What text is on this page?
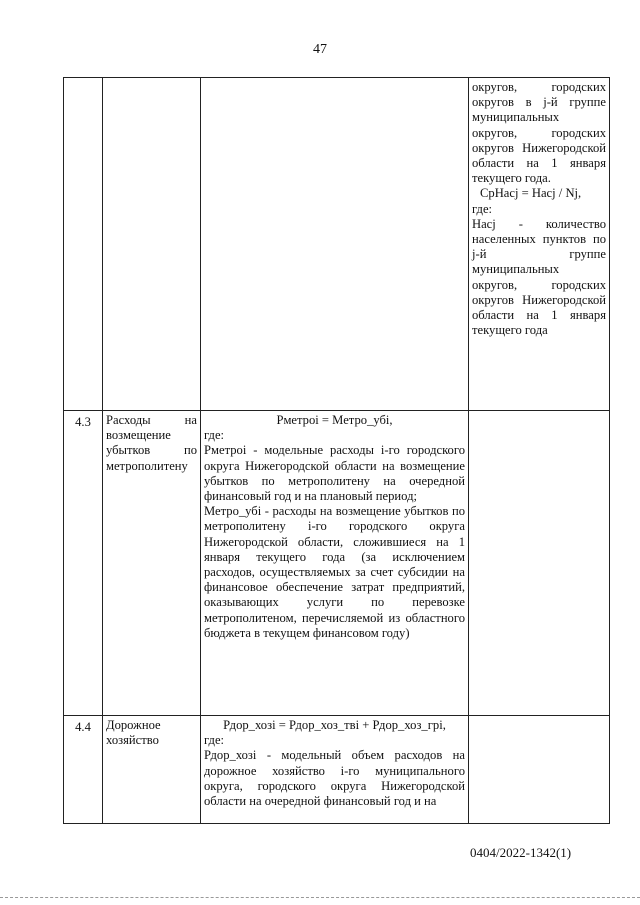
47

			округов, городских округов в j-й группе муниципальных округов, городских округов Нижегородской области на 1 января текущего года.
СрНасj = Насj / Nj,
где:
Насj - количество населенных пунктов по j-й группе муниципальных округов, городских округов Нижегородской области на 1 января текущего года

4.3	Расходы на возмещение убытков по метрополитену	Рметроi = Метро_убi,
где:
Рметроi - модельные расходы i-го городского округа Нижегородской области на возмещение убытков по метрополитену на очередной финансовый год и на плановый период;
Метро_убi - расходы на возмещение убытков по метрополитену i-го городского округа Нижегородской области, сложившиеся на 1 января текущего года (за исключением расходов, осуществляемых за счет субсидии на финансовое обеспечение затрат предприятий, оказывающих услуги по перевозке метрополитеном, перечисляемой из областного бюджета в текущем финансовом году)	

4.4	Дорожное хозяйство	Рдор_хозi = Рдор_хоз_твi + Рдор_хоз_грi,
где:
Рдор_хозi - модельный объем расходов на дорожное хозяйство i-го муниципального округа, городского округа Нижегородской области на очередной финансовый год и на	

0404/2022-1342(1)
